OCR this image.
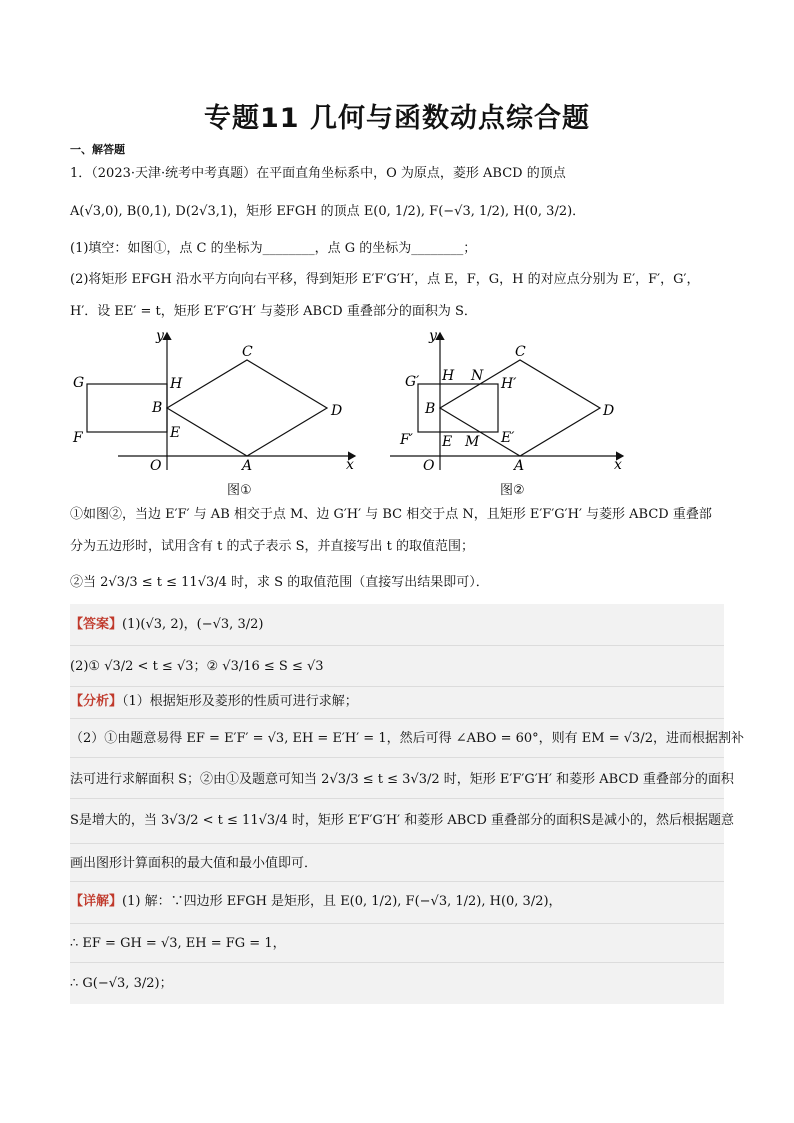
专题11 几何与函数动点综合题
一、解答题
1．（2023·天津·统考中考真题）在平面直角坐标系中，O 为原点，菱形 ABCD 的顶点
A(√3,0), B(0,1), D(2√3,1)，矩形 EFGH 的顶点 E(0, 1/2), F(−√3, 1/2), H(0, 3/2)．
(1)填空：如图①，点 C 的坐标为________，点 G 的坐标为________；
(2)将矩形 EFGH 沿水平方向向右平移，得到矩形 E′F′G′H′，点 E，F，G，H 的对应点分别为 E′，F′，G′，
H′．设 EE′ = t，矩形 E′F′G′H′ 与菱形 ABCD 重叠部分的面积为 S．
G	H
B
C
D
F	E
O	A	x
y
图①
G′ H N
C
H′
B	D
F′ E M E′
O	A	x
y
图②
①如图②，当边 E′F′ 与 AB 相交于点 M、边 G′H′ 与 BC 相交于点 N，且矩形 E′F′G′H′ 与菱形 ABCD 重叠部
分为五边形时，试用含有 t 的式子表示 S，并直接写出 t 的取值范围；
②当 2√3/3 ≤ t ≤ 11√3/4 时，求 S 的取值范围（直接写出结果即可）．
【答案】(1)(√3, 2)，(−√3, 3/2)
(2)① √3/2 < t ≤ √3；② √3/16 ≤ S ≤ √3
【分析】（1）根据矩形及菱形的性质可进行求解；
（2）①由题意易得 EF = E′F′ = √3, EH = E′H′ = 1，然后可得 ∠ABO = 60°，则有 EM = √3/2，进而根据割补
法可进行求解面积 S；②由①及题意可知当 2√3/3 ≤ t ≤ 3√3/2 时，矩形 E′F′G′H′ 和菱形 ABCD 重叠部分的面积
S是增大的，当 3√3/2 < t ≤ 11√3/4 时，矩形 E′F′G′H′ 和菱形 ABCD 重叠部分的面积S是减小的，然后根据题意
画出图形计算面积的最大值和最小值即可．
【详解】(1) 解：∵四边形 EFGH 是矩形，且 E(0, 1/2), F(−√3, 1/2), H(0, 3/2)，
∴ EF = GH = √3, EH = FG = 1，
∴ G(−√3, 3/2)；
